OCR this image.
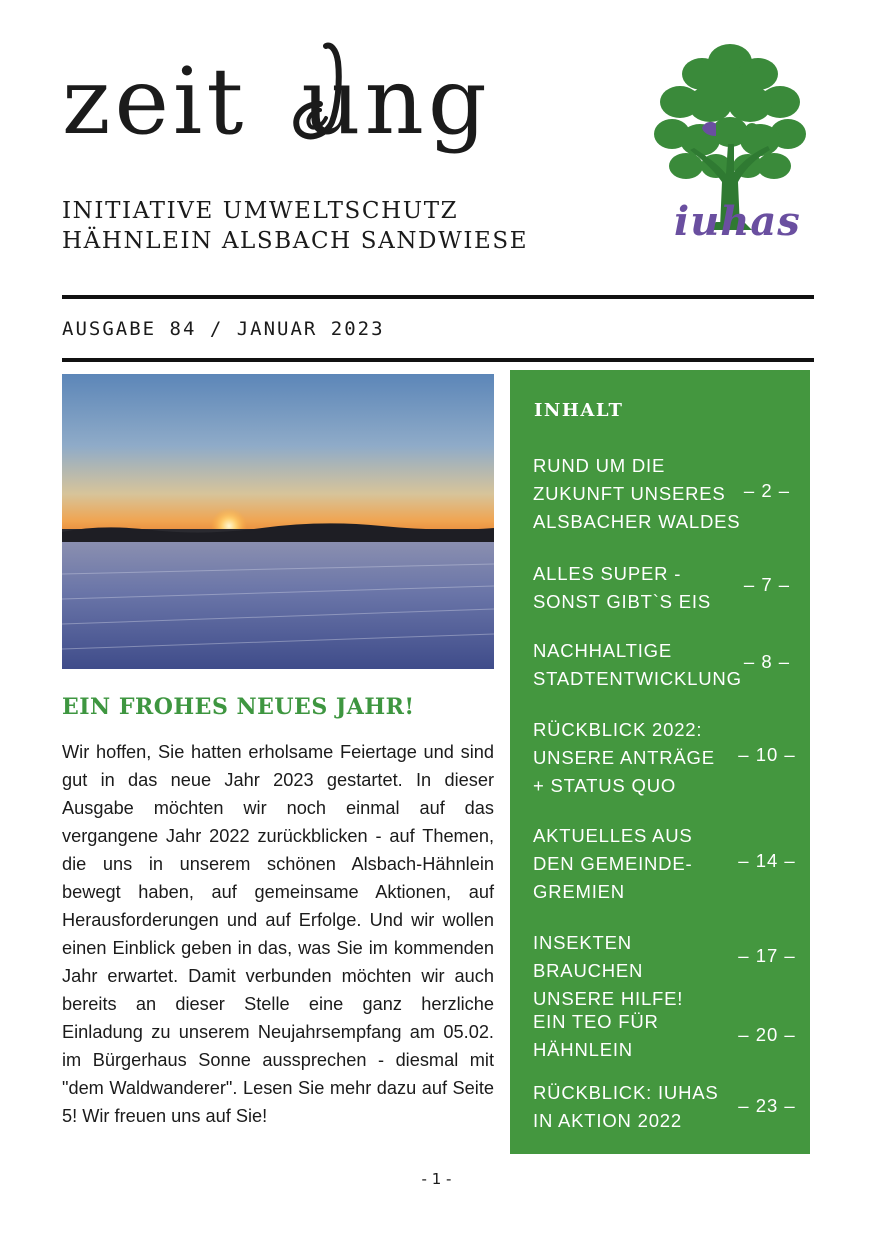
zeit ung
INITIATIVE UMWELTSCHUTZ
HÄHNLEIN ALSBACH SANDWIESE	iuhas
AUSGABE 84 / JANUAR 2023
EIN FROHES NEUES JAHR!
Wir hoffen, Sie hatten erholsame Feiertage und sind gut in das neue Jahr 2023 gestartet. In dieser Ausgabe möchten wir noch einmal auf das vergangene Jahr 2022 zurückblicken - auf Themen, die uns in unserem schönen Alsbach-Hähnlein bewegt haben, auf gemeinsame Aktionen, auf Herausforderungen und auf Erfolge. Und wir wollen einen Einblick geben in das, was Sie im kommenden Jahr erwartet. Damit verbunden möchten wir auch bereits an dieser Stelle eine ganz herzliche Einladung zu unserem Neujahrsempfang am 05.02. im Bürgerhaus Sonne aussprechen - diesmal mit "dem Waldwanderer". Lesen Sie mehr dazu auf Seite 5! Wir freuen uns auf Sie!
INHALT
RUND UM DIE
ZUKUNFT UNSERES
ALSBACHER WALDES
– 2 –
ALLES SUPER -
SONST GIBT`S EIS
– 7 –
NACHHALTIGE
STADTENTWICKLUNG
– 8 –
RÜCKBLICK 2022:
UNSERE ANTRÄGE
+ STATUS QUO
– 10 –
AKTUELLES AUS
DEN GEMEINDE-
GREMIEN
– 14 –
INSEKTEN BRAUCHEN
UNSERE HILFE!
– 17 –
EIN TEO FÜR
HÄHNLEIN
– 20 –
RÜCKBLICK: IUHAS
IN AKTION 2022
– 23 –
- 1 -
